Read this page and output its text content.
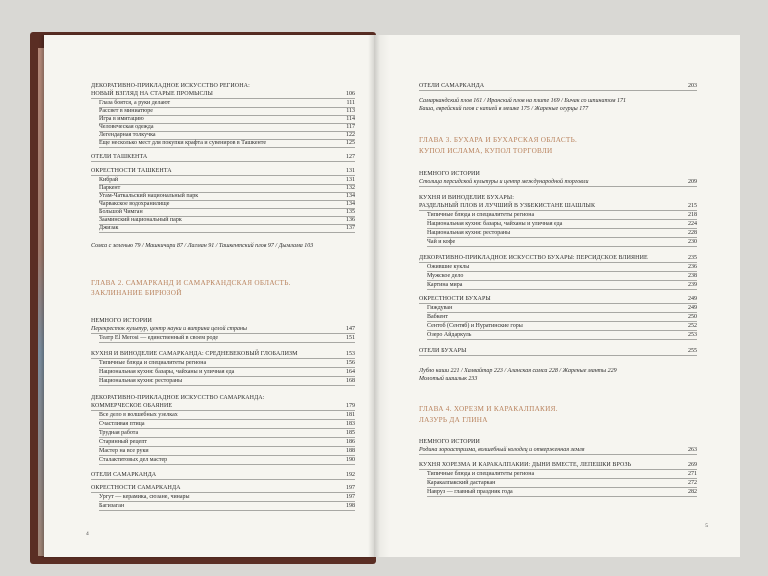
4
ДЕКОРАТИВНО-ПРИКЛАДНОЕ ИСКУССТВО РЕГИОНА:
НОВЫЙ ВЗГЛЯД НА СТАРЫЕ ПРОМЫСЛЫ	106
Глаза боятся, а руки делают	111
Рассвет в миниатюре	113
Игра в имитацию	114
Человеческая одежда	117
Легендарная толкучка	122
Еще несколько мест для покупки крафта и сувениров в Ташкенте	125
ОТЕЛИ ТАШКЕНТА	127
ОКРЕСТНОСТИ ТАШКЕНТА	131
Кибрай	131
Паркент	132
Угам-Чаткальский национальный парк	134
Чарвакское водохранилище	134
Большой Чимган	135
Зааминский национальный парк	136
Джизак	137
Сомса с зеленью 79 / Машкичири 87 / Лагман 91 / Ташкентский плов 97 / Дымлама 103
ГЛАВА 2. САМАРКАНД И САМАРКАНДСКАЯ ОБЛАСТЬ.
ЗАКЛИНАНИЕ БИРЮЗОЙ
НЕМНОГО ИСТОРИИ
Перекресток культур, центр науки и витрина целой страны	147
Театр El Merosi — единственный в своем роде	151
КУХНЯ И ВИНОДЕЛИЕ САМАРКАНДА: СРЕДНЕВЕКОВЫЙ ГЛОБАЛИЗМ	153
Типичные блюда и специалитеты региона	156
Национальная кухня: базары, чайханы и уличная еда	164
Национальная кухня: рестораны	168
ДЕКОРАТИВНО-ПРИКЛАДНОЕ ИСКУССТВО САМАРКАНДА:
КОММЕРЧЕСКОЕ ОБАЯНИЕ	179
Все дело в волшебных узелках	181
Счастливая птица	183
Трудная работа	185
Старинный рецепт	186
Мастер на все руки	188
Сталактитовых дел мастер	190
ОТЕЛИ САМАРКАНДА	192
ОКРЕСТНОСТИ САМАРКАНДА	197
Ургут — керамика, сюзане, чинары	197
Багизаган	198
5
ОТЕЛИ САМАРКАНДА	203
Самаркандский плов 161 / Иранский плов на плите 169 / Бичак со шпинатом 171
Баша, еврейский плов с капией в мешке 175 / Жареные огурцы 177
ГЛАВА 3. БУХАРА И БУХАРСКАЯ ОБЛАСТЬ.
КУПОЛ ИСЛАМА, КУПОЛ ТОРГОВЛИ
НЕМНОГО ИСТОРИИ
Столица персидской культуры и центр международной торговли	209
КУХНЯ И ВИНОДЕЛИЕ БУХАРЫ:
РАЗДЕЛЬНЫЙ ПЛОВ И ЛУЧШИЙ В УЗБЕКИСТАНЕ ШАШЛЫК	215
Типичные блюда и специалитеты региона	218
Национальная кухня: базары, чайханы и уличная еда	224
Национальная кухня: рестораны	228
Чай и кофе	230
ДЕКОРАТИВНО-ПРИКЛАДНОЕ ИСКУССТВО БУХАРЫ: ПЕРСИДСКОЕ ВЛИЯНИЕ	235
Ожившие куклы	236
Мужское дело	238
Картина мира	239
ОКРЕСТНОСТИ БУХАРЫ	249
Гиждуван	249
Вабкент	250
Сентоб (Сентяб) и Нуратинские горы	252
Озеро Айдаркуль	253
ОТЕЛИ БУХАРЫ	255
Лубло каши 221 / Халвайтар 223 / Аланская самса 228 / Жареные манты 229
Молотый шашлык 233
ГЛАВА 4. ХОРЕЗМ И КАРАКАЛПАКИЯ.
ЛАЗУРЬ ДА ГЛИНА
НЕМНОГО ИСТОРИИ
Родина зороастризма, волшебный колодец и отверженная земля	263
КУХНЯ ХОРЕЗМА И КАРАКАЛПАКИИ: ДЫНИ ВМЕСТЕ, ЛЕПЕШКИ ВРОЗЬ	269
Типичные блюда и специалитеты региона	271
Каракалпакский дастаркан	272
Наврyз — главный праздник года	282
